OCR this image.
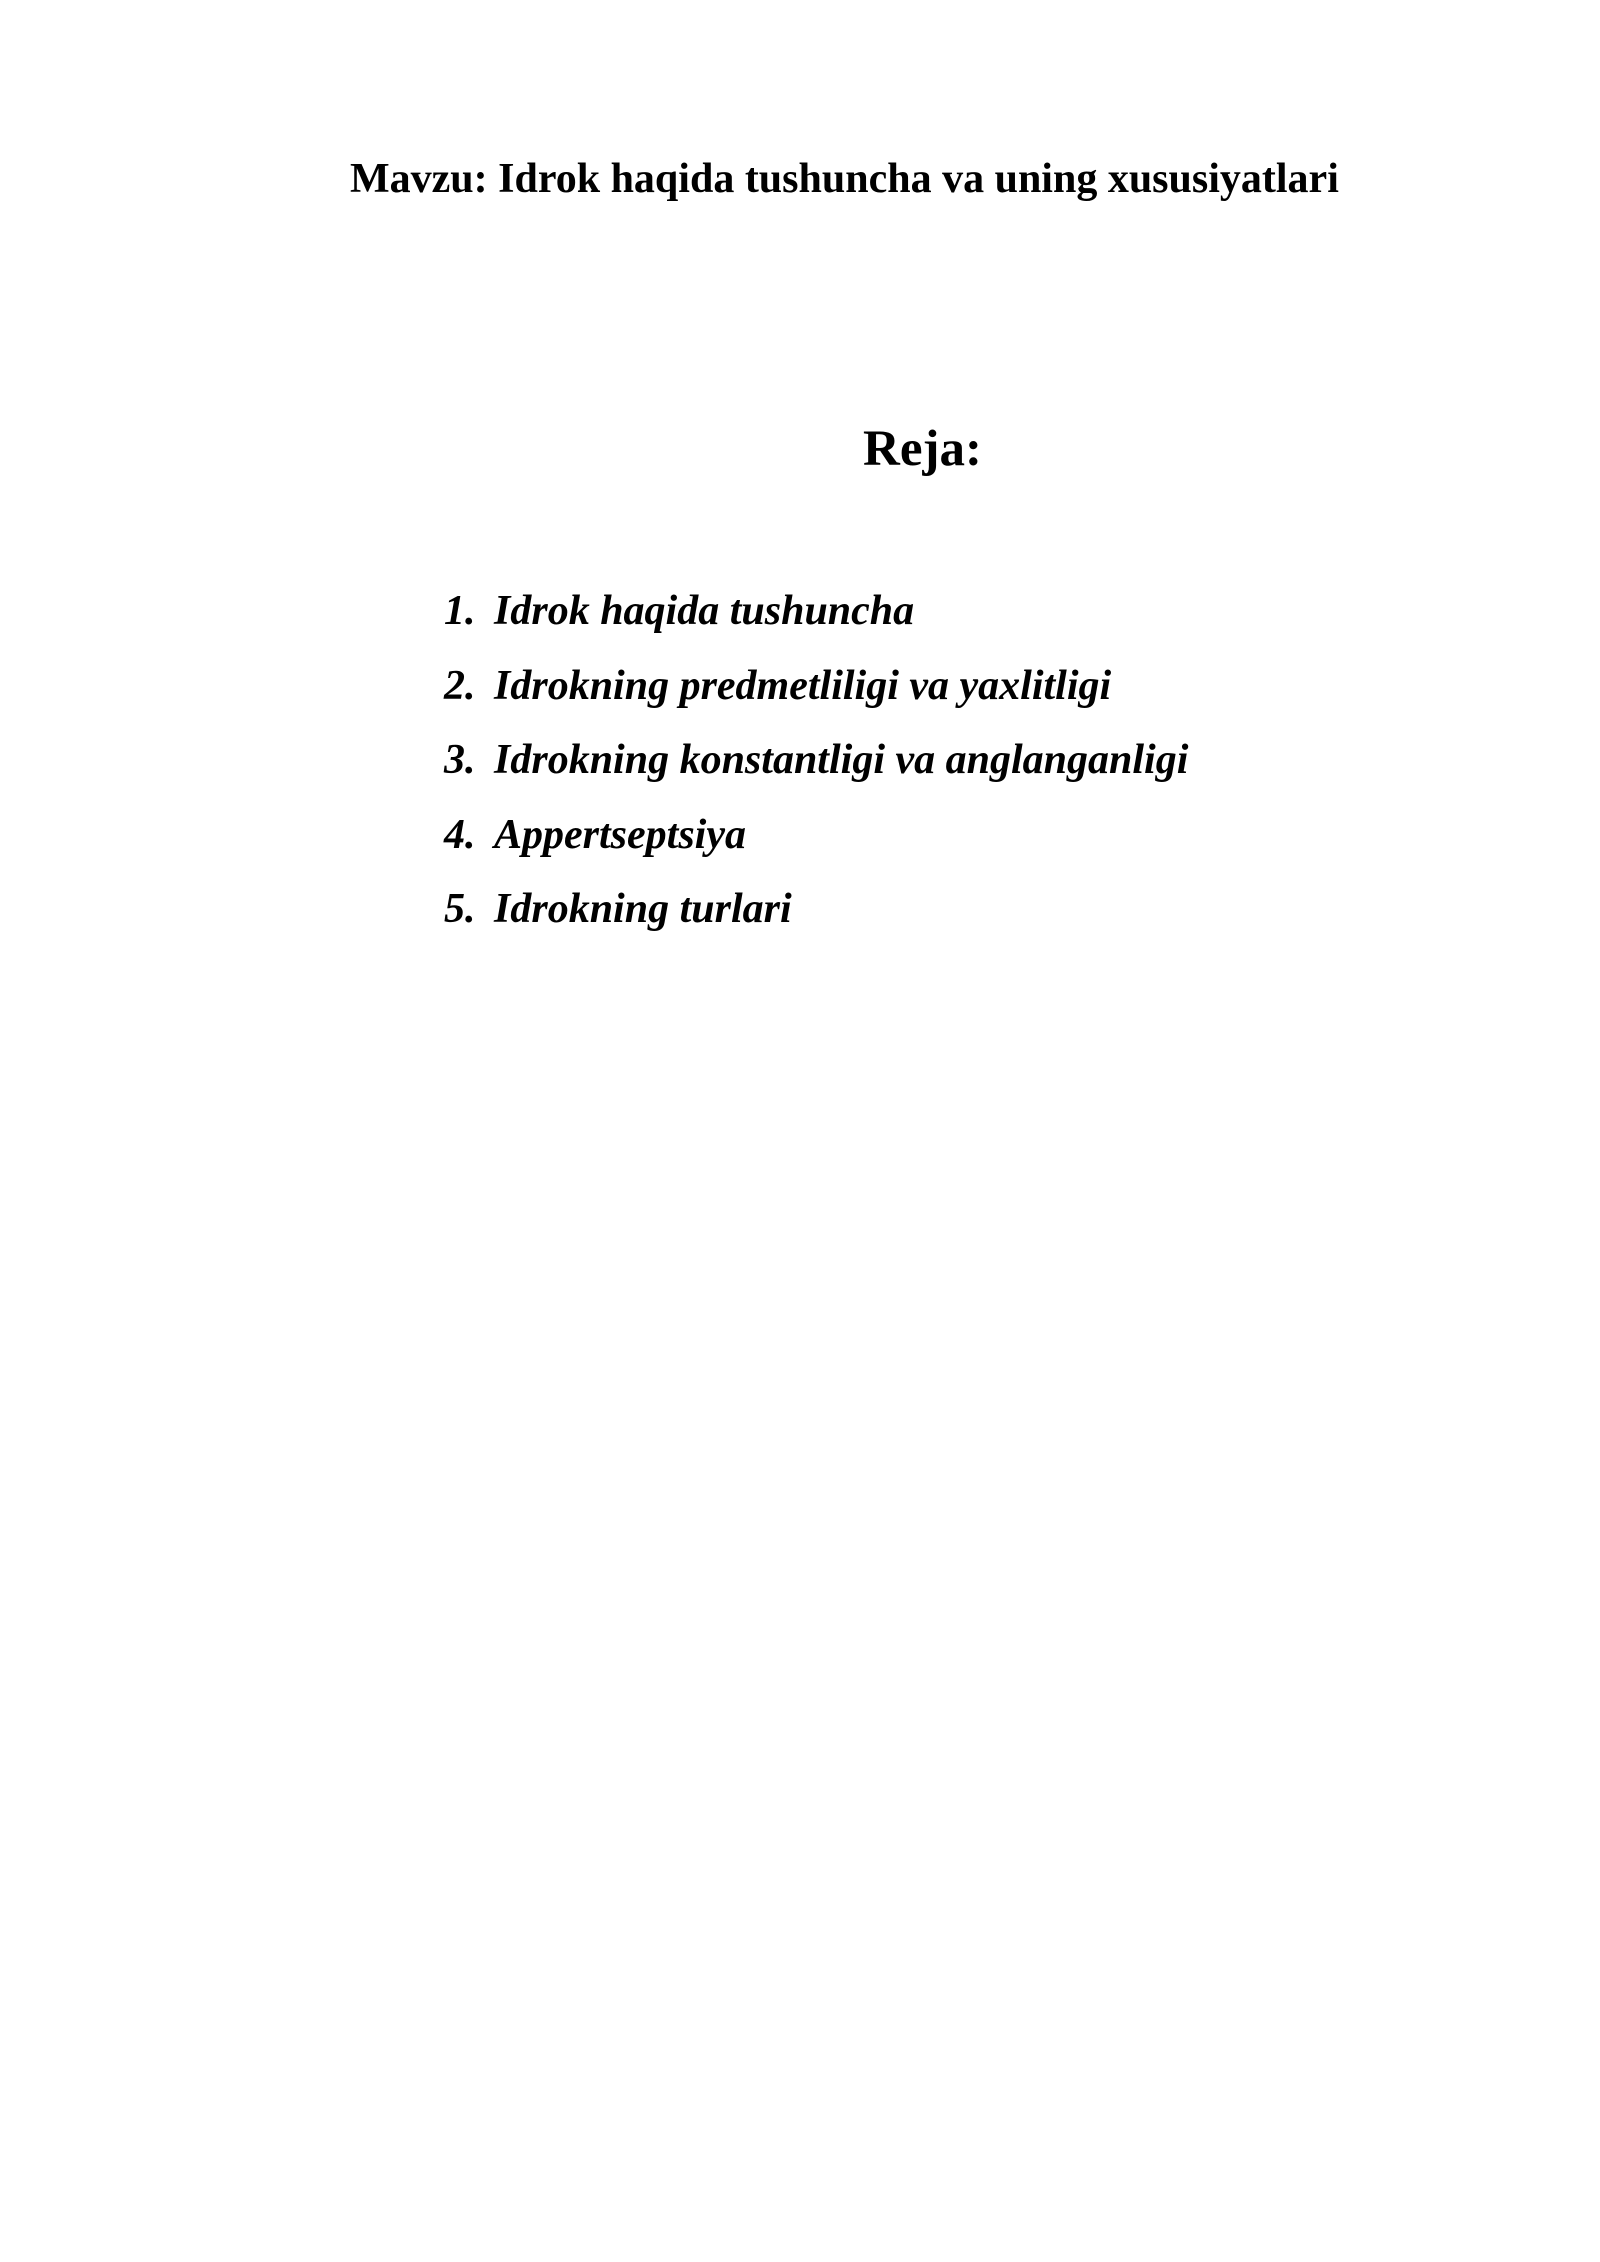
Mavzu: Idrok haqida tushuncha va uning xususiyatlari
Reja:
1. Idrok haqida tushuncha
2. Idrokning predmetliligi va yaxlitligi
3. Idrokning konstantligi va anglanganligi
4. Appertseptsiya
5. Idrokning turlari
